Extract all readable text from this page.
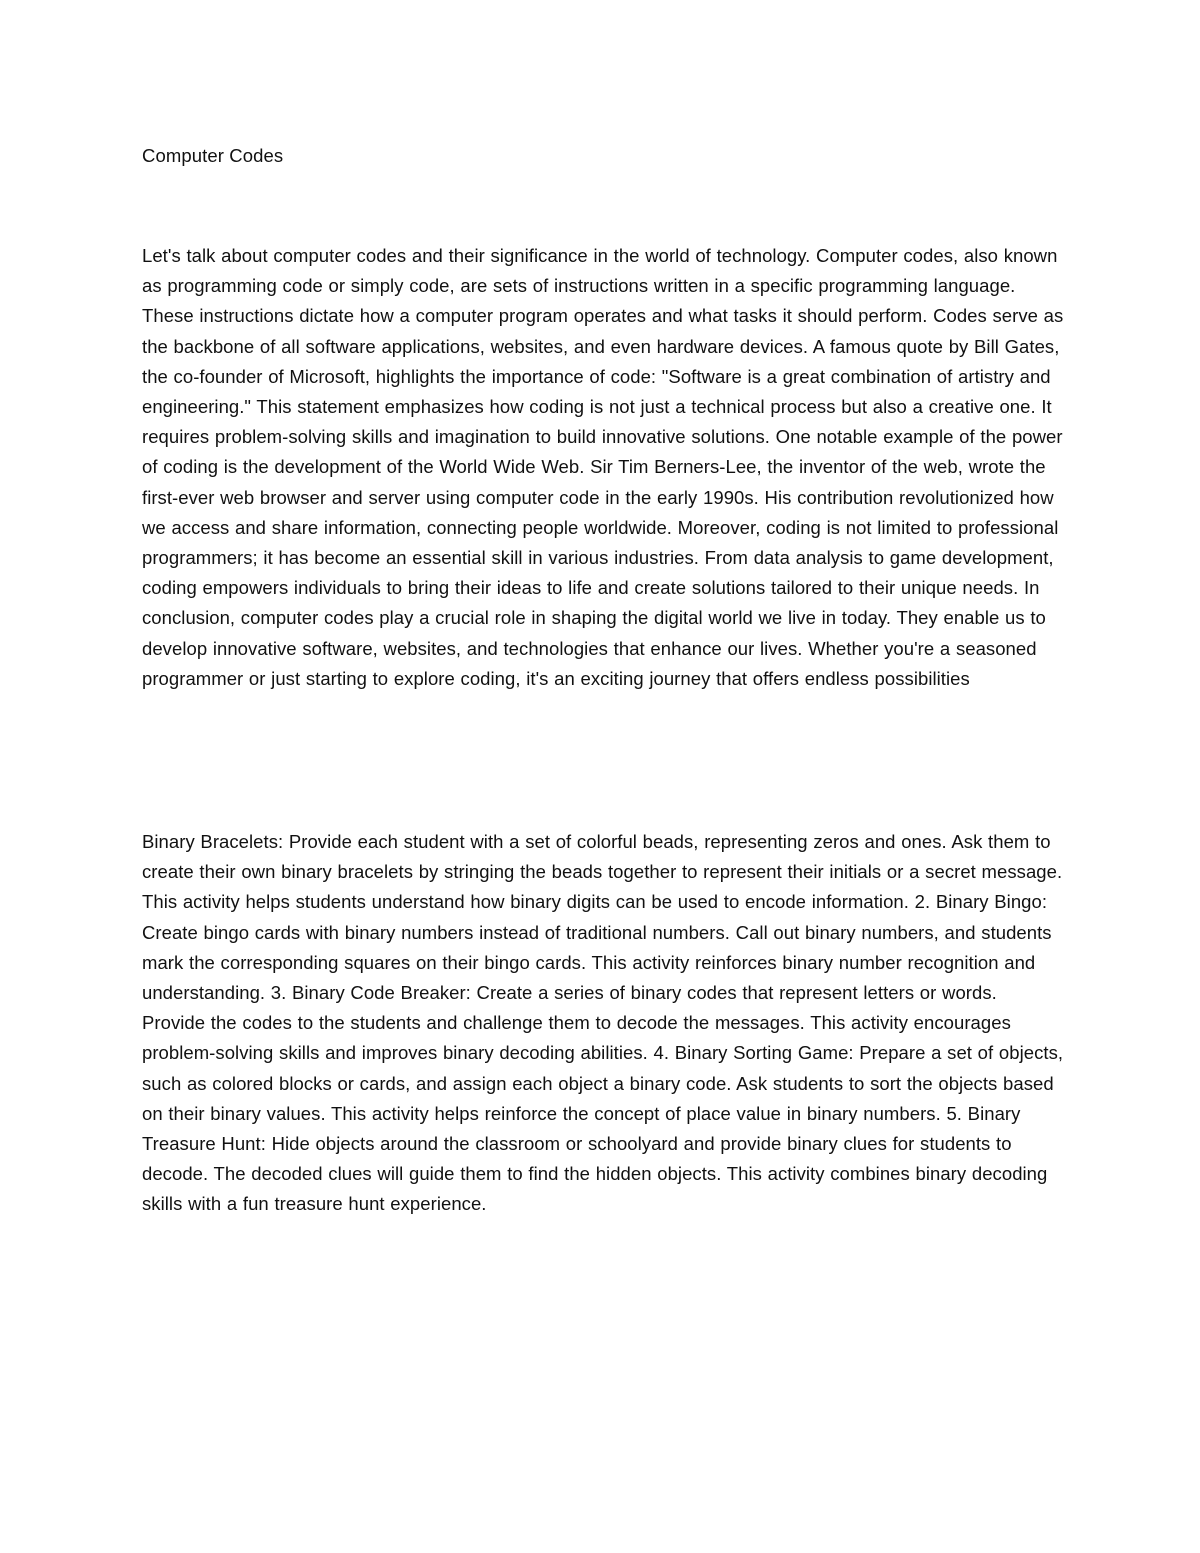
Computer Codes

Let's talk about computer codes and their significance in the world of technology. Computer codes, also known as programming code or simply code, are sets of instructions written in a specific programming language. These instructions dictate how a computer program operates and what tasks it should perform. Codes serve as the backbone of all software applications, websites, and even hardware devices. A famous quote by Bill Gates, the co-founder of Microsoft, highlights the importance of code: "Software is a great combination of artistry and engineering." This statement emphasizes how coding is not just a technical process but also a creative one. It requires problem-solving skills and imagination to build innovative solutions. One notable example of the power of coding is the development of the World Wide Web. Sir Tim Berners-Lee, the inventor of the web, wrote the first-ever web browser and server using computer code in the early 1990s. His contribution revolutionized how we access and share information, connecting people worldwide. Moreover, coding is not limited to professional programmers; it has become an essential skill in various industries. From data analysis to game development, coding empowers individuals to bring their ideas to life and create solutions tailored to their unique needs. In conclusion, computer codes play a crucial role in shaping the digital world we live in today. They enable us to develop innovative software, websites, and technologies that enhance our lives. Whether you're a seasoned programmer or just starting to explore coding, it's an exciting journey that offers endless possibilities

Binary Bracelets: Provide each student with a set of colorful beads, representing zeros and ones. Ask them to create their own binary bracelets by stringing the beads together to represent their initials or a secret message. This activity helps students understand how binary digits can be used to encode information. 2. Binary Bingo: Create bingo cards with binary numbers instead of traditional numbers. Call out binary numbers, and students mark the corresponding squares on their bingo cards. This activity reinforces binary number recognition and understanding. 3. Binary Code Breaker: Create a series of binary codes that represent letters or words. Provide the codes to the students and challenge them to decode the messages. This activity encourages problem-solving skills and improves binary decoding abilities. 4. Binary Sorting Game: Prepare a set of objects, such as colored blocks or cards, and assign each object a binary code. Ask students to sort the objects based on their binary values. This activity helps reinforce the concept of place value in binary numbers. 5. Binary Treasure Hunt: Hide objects around the classroom or schoolyard and provide binary clues for students to decode. The decoded clues will guide them to find the hidden objects. This activity combines binary decoding skills with a fun treasure hunt experience.
